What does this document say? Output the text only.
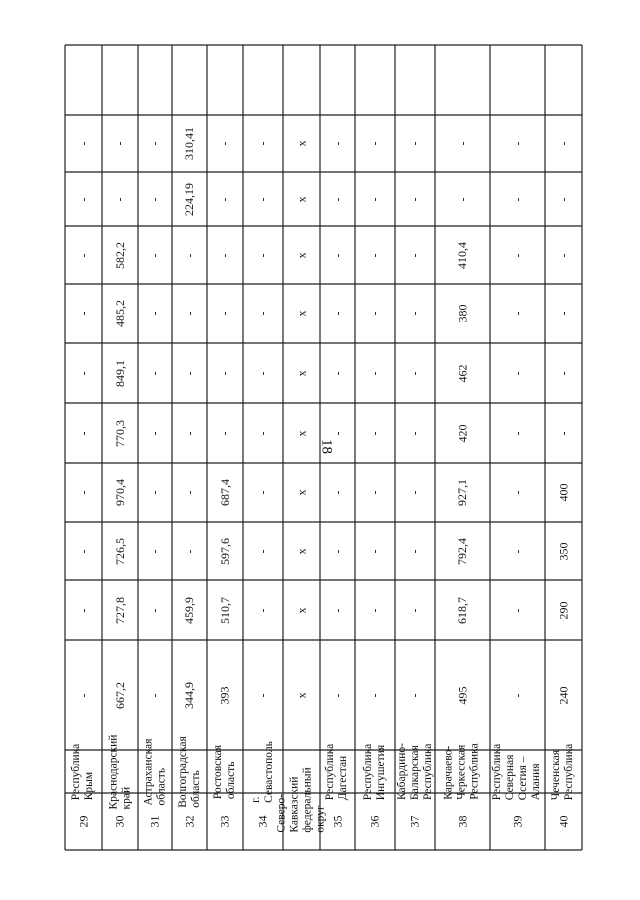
18
29
Республика Крым
-
-
-
-
-
-
-
-
-
-
30
Краснодарский край
667,2
727,8
726,5
970,4
770,3
849,1
485,2
582,2
-
-
31
Астраханская область
-
-
-
-
-
-
-
-
-
-
32
Волгоградская область
344,9
459,9
-
-
-
-
-
-
224,19
310,41
33
Ростовская область
393
510,7
597,6
687,4
-
-
-
-
-
-
34
г. Севастополь
-
-
-
-
-
-
-
-
-
-
Северо-Кавказский федеральный округ
х
х
х
х
х
х
х
х
х
х
35
Республика Дагестан
-
-
-
-
-
-
-
-
-
-
36
Республика Ингушетия
-
-
-
-
-
-
-
-
-
-
37
Кабардино-Балкарская Республика
-
-
-
-
-
-
-
-
-
-
38
Карачаево-Черкесская Республика
495
618,7
792,4
927,1
420
462
380
410,4
-
-
39
Республика Северная Осетия – Алания
-
-
-
-
-
-
-
-
-
-
40
Чеченская Республика
240
290
350
400
-
-
-
-
-
-
